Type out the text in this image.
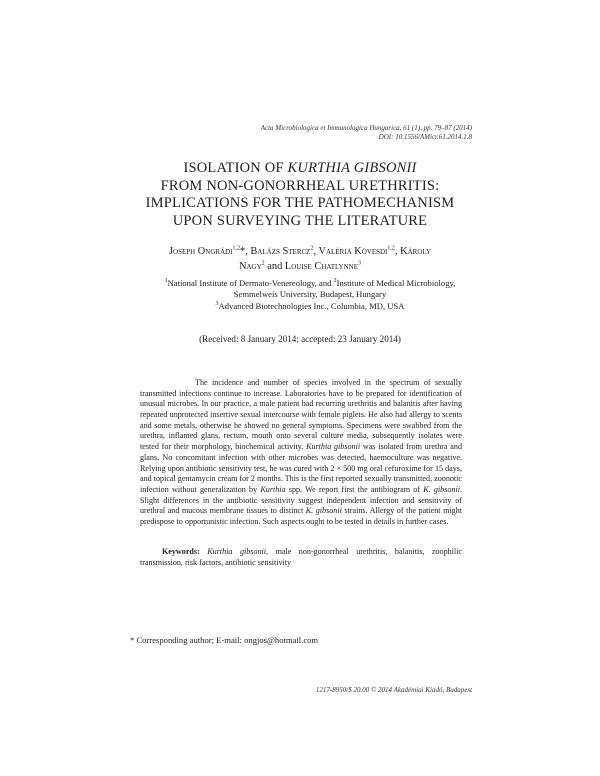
Acta Microbiologica et Immunologica Hungarica, 61 (1), pp. 79–87 (2014)
DOI: 10.1556/AMicr.61.2014.1.8
ISOLATION OF KURTHIA GIBSONII
FROM NON-GONORRHEAL URETHRITIS:
IMPLICATIONS FOR THE PATHOMECHANISM
UPON SURVEYING THE LITERATURE
Joseph Ongrádi$^{1,2}$*, Balázs Stercz$^2$, Valéria Kövesdi$^{1,2}$, Károly
Nagy$^2$ and Louise Chatlynne$^3$
$^1$National Institute of Dermato-Venereology, and $^2$Institute of Medical Microbiology,
Semmelweis University, Budapest, Hungary
$^3$Advanced Biotechnologies Inc., Columbia, MD, USA
(Received: 8 January 2014; accepted: 23 January 2014)
The incidence and number of species involved in the spectrum of sexually transmitted infections continue to increase. Laboratories have to be prepared for identification of unusual microbes. In our practice, a male patient had recurring urethritis and balanitis after having repeated unprotected insertive sexual intercourse with female piglets. He also had allergy to scents and some metals, otherwise he showed no general symptoms. Specimens were swabbed from the urethra, inflamed glans, rectum, mouth onto several culture media, subsequently isolates were tested for their morphology, biochemical activity. Kurthia gibsonii was isolated from urethra and glans. No concomitant infection with other microbes was detected, haemoculture was negative. Relying upon antibiotic sensitivity test, he was cured with 2 × 500 mg oral cefuroxime for 15 days, and topical gentamycin cream for 2 months. This is the first reported sexually transmitted, zoonotic infection without generalization by Kurthia spp. We report first the antibiogram of K. gibsonii. Slight differences in the antibiotic sensitivity suggest independent infection and sensitivity of urethral and mucous membrane tissues to distinct K. gibsonii strains. Allergy of the patient might predispose to opportunistic infection. Such aspects ought to be tested in details in further cases.
Keywords: Kurthia gibsonii, male non-gonorrheal urethritis, balanitis, zoophilic transmission, risk factors, antibiotic sensitivity
* Corresponding author; E-mail: ongjos@hotmail.com
1217-8950/$ 20.00 © 2014 Akadémiai Kiadó, Budapest
